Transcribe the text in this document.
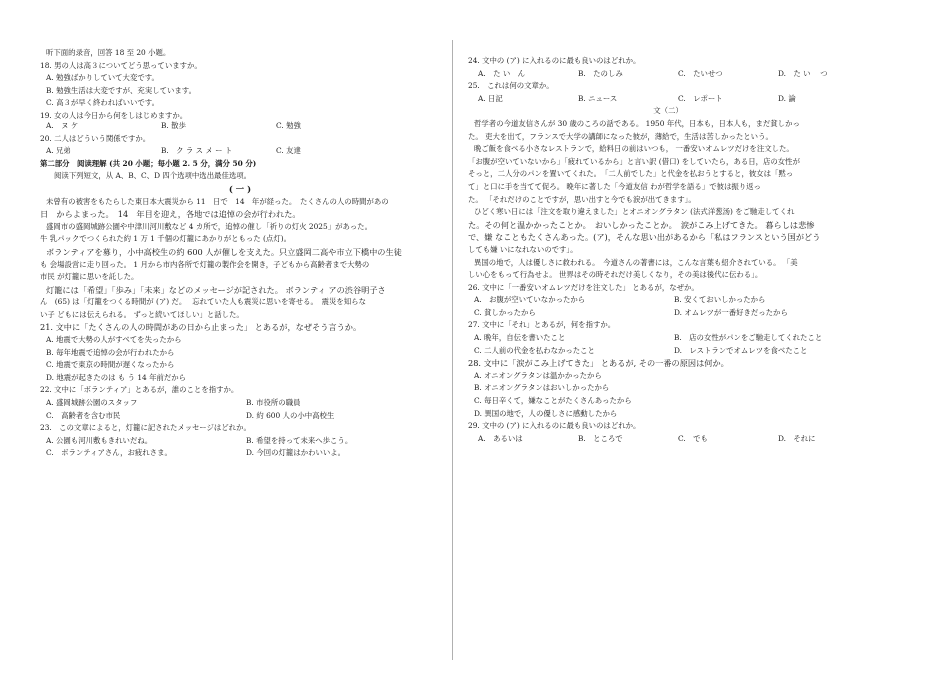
听下面的录音，回答 18 至 20 小题。

18. 男の人は高３についてどう思っていますか。

A. 勉強ばかりしていて大変です。

B. 勉強生活は大変ですが、充実しています。

C. 高３が早く終わればいいです。

19. 女の人は今日から何をしはじめますか。

A.　ヌ ケ	B. 散歩	C. 勉強

20. 二人はどういう関係ですか。

A. 兄弟	B.　ク ラ ス メ ー ト	C. 友達

第二部分　阅读理解 (共 20 小题；每小题 2. 5 分，满分 50 分)

阅读下列短文，从 A、B、C、D 四个选项中选出最佳选项。

( 一 )

未曾有の被害をもたらした東日本大震災から 11　日で　14　年が経った。　たくさんの人の時間があの

日　からよまった。　14　年目を迎え，各地では追悼の会が行われた。

盛岡市の盛岡城跡公園や中津川河川敷など 4 カ所で，追悼の催し「祈りの灯火 2025」があった。

牛 乳パックでつくられた約 1 万 1 千個の灯籠にあかりがともった (点灯)。

ボランティアを募り，小中高校生の約 600 人が催しを支えた。只立盛岡二高や市立下橋中の生徒

も 会場設営に走り回った。 1 月から市内各所で灯籠の製作会を開き，子どもから高齢者まで大勢の

市民 が灯籠に思いを託した。

灯籠には「希望」「歩み」「未来」などのメッセージが記された。 ボランティ アの渋谷明子さ

ん　(65) は「灯籠をつくる時間が (ア) だ。　 忘れていた人も震災に思いを寄せる。　震災を知らな

い子 どもには伝えられる。 ずっと続いてほしい」と話した。

21. 文中に「たくさんの人の時間があの日から止まった」 とあるが，なぜそう言うか。

A. 地震で大勢の人がすべてを失ったから

B. 毎年地震で追悼の会が行われたから

C. 地震で東京の時間が遅くなったから

D. 地震が起きたのは も う 14 年前だから

22. 文中に「ボランティア」とあるが，誰のことを指すか。

A. 盛岡城跡公園のスタッフ	B. 市役所の職員
C.　高齢者を含む市民	D. 約 600 人の小中高校生

23.　この文章によると，灯籠に記されたメッセージはどれか。

A. 公園も河川敷もきれいだね。	B. 希望を持って未来へ歩こう。
C.　ボランティアさん，お疲れさま。	D. 今回の灯籠はかわいいよ。

24. 文中の (ア) に入れるのに最も良いのはどれか。

A.　た い　ん	B.　たのしみ	C.　たいせつ	D.　た い　 つ

25.　これは何の文章か。

A. 日記	B. ニュース	C.　レポート	D. 論

文（二）

哲学者の今道友信さんが 30 歳のころの話である。 1950 年代，日本も，日本人も，まだ貧しかっ

た。 吏大を出て，フランスで大学の講師になった彼が，薄給で，生活は苦しかったという。

晩ご飯を食べる小さなレストランで，給料日の前はいつも， 一番安いオムレツだけを注文した。

「お腹が空いていないから」「疲れているから」と言い訳 (借口) をしていたら，ある日，店の女性が

そっと，二人分のパンを置いてくれた。　「二人前でした」と代金を払おうとすると，彼女は「黙っ

て」と口に手を当てて促ろ。 晩年に著した「今道友信 わが哲学を語る」で彼は振り返っ

た。 「それだけのことですが，思い出すと今でも涙が出てきます」。

ひどく寒い日には「注文を取り違えました」とオニオングラタン (法式洋葱汤) をご馳走してくれ

た。その何と温かかったことか。　おいしかったことか。　涙がこみ上げてきた。 暮らしは悲惨

で、嫌 なこともたくさんあった。(ア)，そんな思い出があるから「私はフランスという国がどう

しても嫌 いになれないのです」。

異国の地で，人は優しさに救われる。　今道さんの著書には，こんな言葉も紹介されている。 「美

しい心をもって行為せよ。 世界はその時それだけ美しくなり，その美は後代に伝わる」。

26. 文中に「一番安いオムレツだけを注文した」 とあるが，なぜか。

A.　お腹が空いていなかったから	B. 安くておいしかったから
C. 貧しかったから	D. オムレツが一番好きだったから

27. 文中に「それ」とあるが，何を指すか。

A. 晩年，自伝を書いたこと	B.　店の女性がパンをご馳走してくれたこと
C. 二人前の代金を払わなかったこと	D.　レストランでオムレツを食べたこと

28. 文中に「涙がこみ上げてきた」 とあるが, その一番の原因は何か。

A. オニオングラタンは温かかったから

B. オニオングラタンはおいしかったから

C. 毎日辛くて，嫌なことがたくさんあったから

D. 異国の地で，人の優しさに感動したから

29. 文中の (ア) に入れるのに最も良いのはどれか。

A.　あるいは	B.　ところで	C.　でも	D.　それに
